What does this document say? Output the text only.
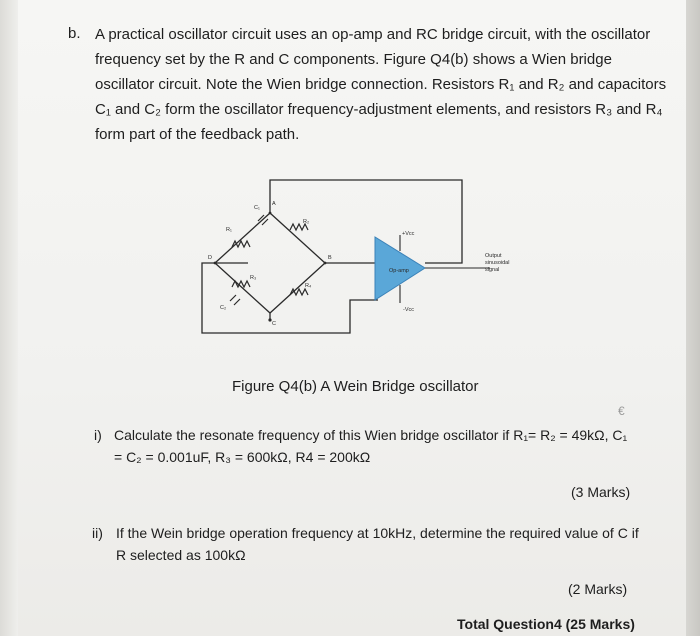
b. A practical oscillator circuit uses an op-amp and RC bridge circuit, with the oscillator

frequency set by the R and C components. Figure Q4(b) shows a Wien bridge

oscillator circuit. Note the Wien bridge connection. Resistors R₁ and R₂ and capacitors

C₁ and C₂ form the oscillator frequency-adjustment elements, and resistors R₃ and R₄

form part of the feedback path.

Op-amp
+Vᴄᴄ
-Vᴄᴄ
Output
sinusoidal
signal
C₁
C₂
R₁
R₂
R₃
R₄
A
B
C
D
Figure Q4(b) A Wein Bridge oscillator
i) Calculate the resonate frequency of this Wien bridge oscillator if R₁= R₂ = 49kΩ, C₁
= C₂ = 0.001uF, R₃ = 600kΩ, R4 = 200kΩ
(3 Marks)
ii) If the Wein bridge operation frequency at 10kHz, determine the required value of C if
R selected as 100kΩ
(2 Marks)
Total Question4 (25 Marks)
€
